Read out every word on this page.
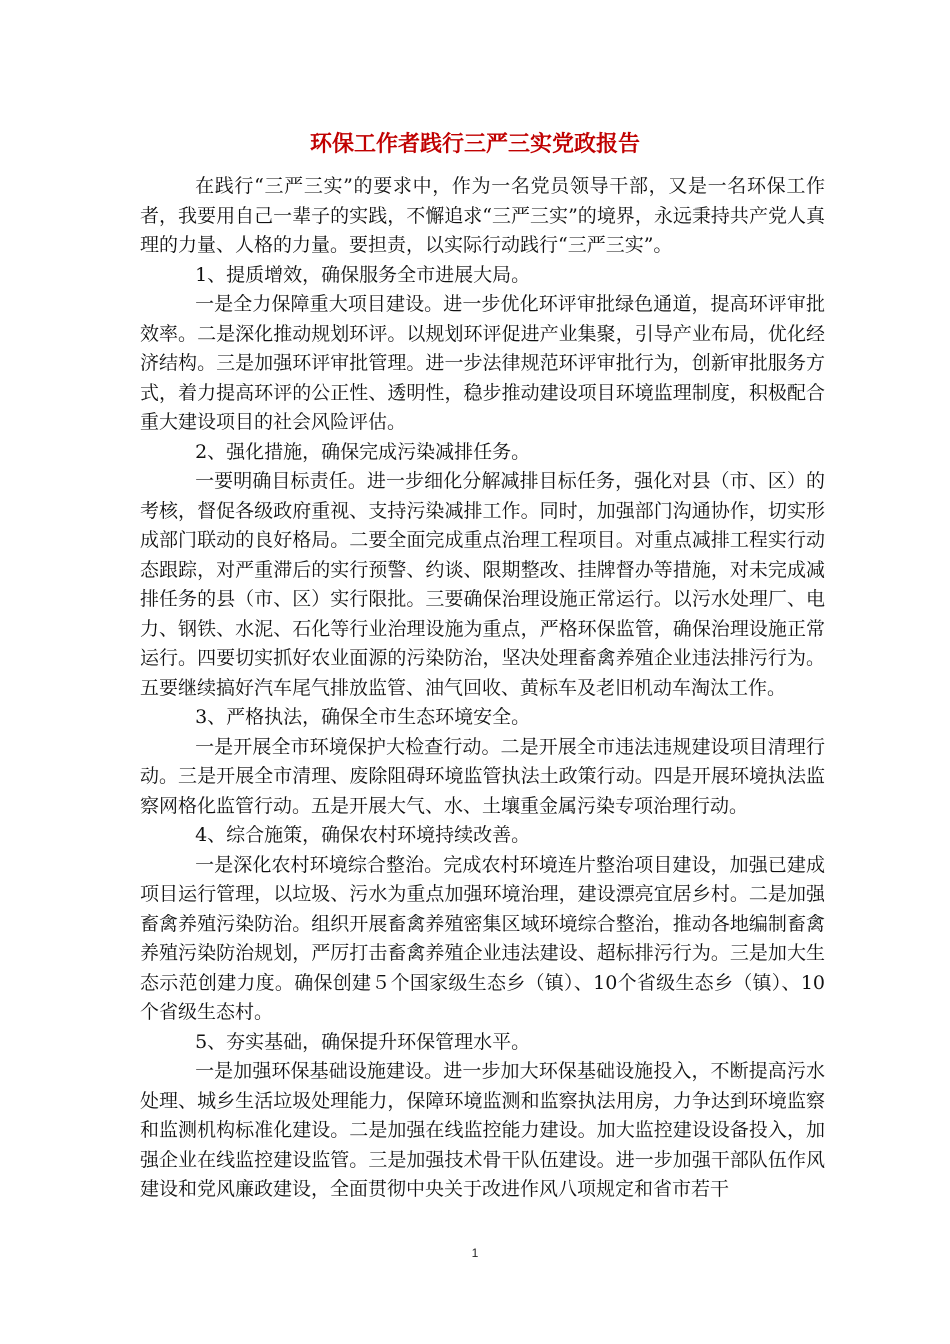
环保工作者践行三严三实党政报告

在践行“三严三实”的要求中，作为一名党员领导干部，又是一名环保工作者，我要用自己一辈子的实践，不懈追求“三严三实”的境界，永远秉持共产党人真理的力量、人格的力量。要担责，以实际行动践行“三严三实”。

1、提质增效，确保服务全市进展大局。

一是全力保障重大项目建设。进一步优化环评审批绿色通道，提高环评审批效率。二是深化推动规划环评。以规划环评促进产业集聚，引导产业布局，优化经济结构。三是加强环评审批管理。进一步法律规范环评审批行为，创新审批服务方式，着力提高环评的公正性、透明性，稳步推动建设项目环境监理制度，积极配合重大建设项目的社会风险评估。

2、强化措施，确保完成污染减排任务。

一要明确目标责任。进一步细化分解减排目标任务，强化对县（市、区）的考核，督促各级政府重视、支持污染减排工作。同时，加强部门沟通协作，切实形成部门联动的良好格局。二要全面完成重点治理工程项目。对重点减排工程实行动态跟踪，对严重滞后的实行预警、约谈、限期整改、挂牌督办等措施，对未完成减排任务的县（市、区）实行限批。三要确保治理设施正常运行。以污水处理厂、电力、钢铁、水泥、石化等行业治理设施为重点，严格环保监管，确保治理设施正常运行。四要切实抓好农业面源的污染防治，坚决处理畜禽养殖企业违法排污行为。五要继续搞好汽车尾气排放监管、油气回收、黄标车及老旧机动车淘汰工作。

3、严格执法，确保全市生态环境安全。

一是开展全市环境保护大检查行动。二是开展全市违法违规建设项目清理行动。三是开展全市清理、废除阻碍环境监管执法土政策行动。四是开展环境执法监察网格化监管行动。五是开展大气、水、土壤重金属污染专项治理行动。

4、综合施策，确保农村环境持续改善。

一是深化农村环境综合整治。完成农村环境连片整治项目建设，加强已建成项目运行管理，以垃圾、污水为重点加强环境治理，建设漂亮宜居乡村。二是加强畜禽养殖污染防治。组织开展畜禽养殖密集区域环境综合整治，推动各地编制畜禽养殖污染防治规划，严厉打击畜禽养殖企业违法建设、超标排污行为。三是加大生态示范创建力度。确保创建５个国家级生态乡（镇）、10个省级生态乡（镇）、10个省级生态村。

5、夯实基础，确保提升环保管理水平。

一是加强环保基础设施建设。进一步加大环保基础设施投入，不断提高污水处理、城乡生活垃圾处理能力，保障环境监测和监察执法用房，力争达到环境监察和监测机构标准化建设。二是加强在线监控能力建设。加大监控建设设备投入，加强企业在线监控建设监管。三是加强技术骨干队伍建设。进一步加强干部队伍作风建设和党风廉政建设，全面贯彻中央关于改进作风八项规定和省市若干

1
